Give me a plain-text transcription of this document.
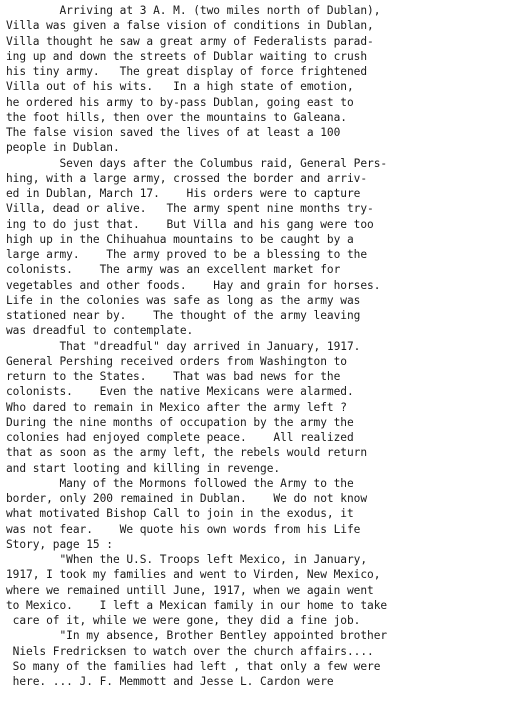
Arriving at 3 A. M. (two miles north of Dublan),
Villa was given a false vision of conditions in Dublan,
Villa thought he saw a great army of Federalists parad-
ing up and down the streets of Dublar waiting to crush
his tiny army.   The great display of force frightened
Villa out of his wits.   In a high state of emotion,
he ordered his army to by-pass Dublan, going east to
the foot hills, then over the mountains to Galeana.
The false vision saved the lives of at least a 100
people in Dublan.
Seven days after the Columbus raid, General Pers-
hing, with a large army, crossed the border and arriv-
ed in Dublan, March 17.    His orders were to capture
Villa, dead or alive.   The army spent nine months try-
ing to do just that.    But Villa and his gang were too
high up in the Chihuahua mountains to be caught by a
large army.    The army proved to be a blessing to the
colonists.    The army was an excellent market for
vegetables and other foods.    Hay and grain for horses.
Life in the colonies was safe as long as the army was
stationed near by.    The thought of the army leaving
was dreadful to contemplate.
That "dreadful" day arrived in January, 1917.
General Pershing received orders from Washington to
return to the States.    That was bad news for the
colonists.    Even the native Mexicans were alarmed.
Who dared to remain in Mexico after the army left ?
During the nine months of occupation by the army the
colonies had enjoyed complete peace.    All realized
that as soon as the army left, the rebels would return
and start looting and killing in revenge.
Many of the Mormons followed the Army to the
border, only 200 remained in Dublan.    We do not know
what motivated Bishop Call to join in the exodus, it
was not fear.    We quote his own words from his Life
Story, page 15 :
"When the U.S. Troops left Mexico, in January,
1917, I took my families and went to Virden, New Mexico,
where we remained untill June, 1917, when we again went
to Mexico.    I left a Mexican family in our home to take
care of it, while we were gone, they did a fine job.
"In my absence, Brother Bentley appointed brother
Niels Fredricksen to watch over the church affairs....
So many of the families had left , that only a few were
here. ... J. F. Memmott and Jesse L. Cardon were
